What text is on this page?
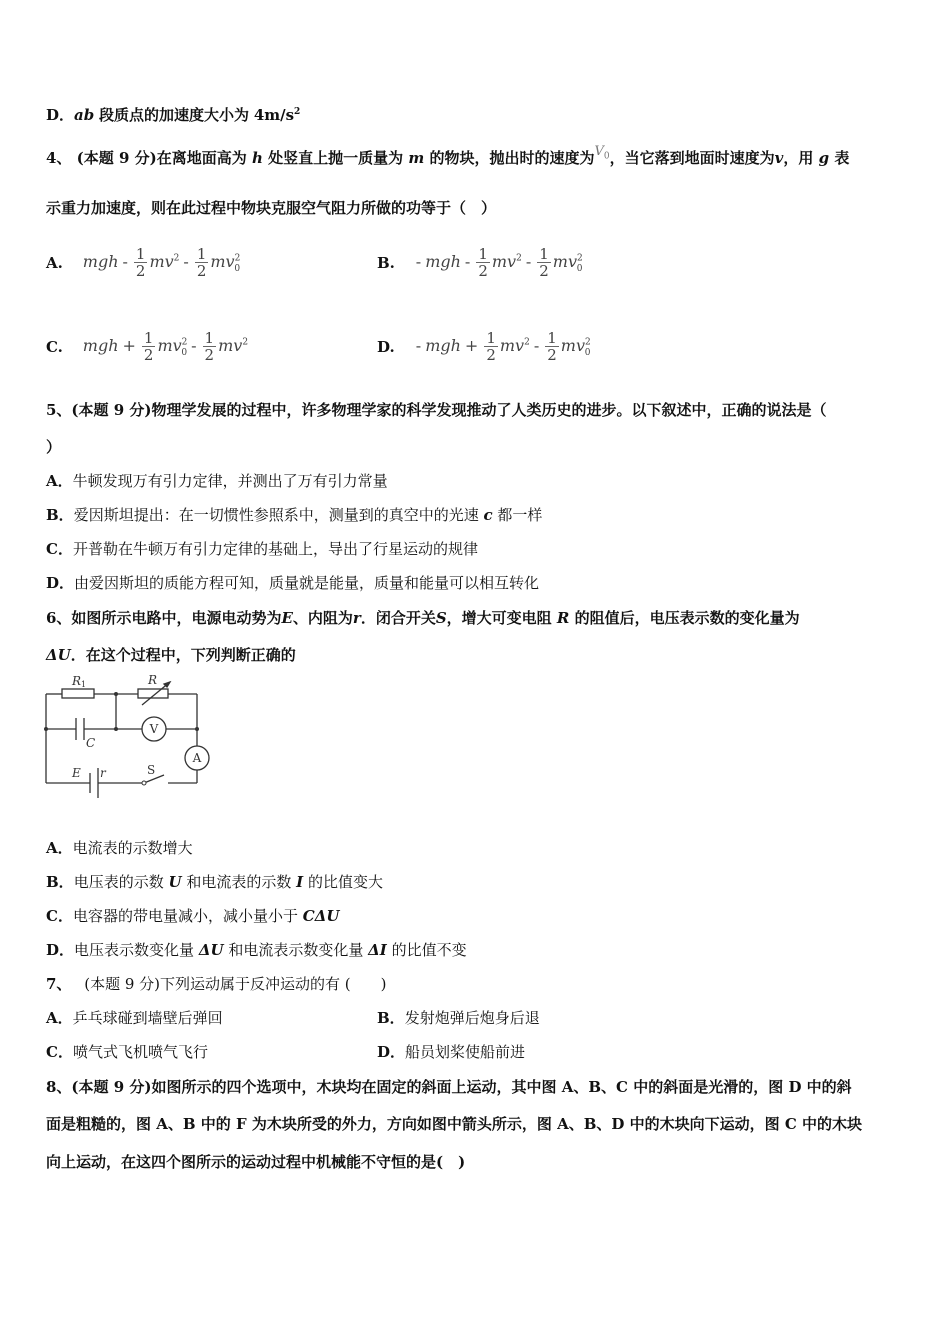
D．ab 段质点的加速度大小为 $4m/s^2$
4、 (本题 9 分)在离地面高为 h 处竖直上抛一质量为 m 的物块，抛出时的速度为$V_0$，当它落到地面时速度为v，用 g 表
示重力加速度，则在此过程中物块克服空气阻力所做的功等于（　）
A. mgh - $\frac{1}{2} mv^2 - \frac{1}{2} mv^2_0$	B. - mgh - $\frac{1}{2} mv^2 - \frac{1}{2} mv^2_0$
C. mgh + $\frac{1}{2} mv^2_0 - \frac{1}{2} mv^2$	D. - mgh + $\frac{1}{2} mv^2 - \frac{1}{2} mv^2_0$
5、(本题 9 分)物理学发展的过程中，许多物理学家的科学发现推动了人类历史的进步。以下叙述中，正确的说法是（
）
A．牛顿发现万有引力定律，并测出了万有引力常量
B．爱因斯坦提出：在一切惯性参照系中，测量到的真空中的光速 c 都一样
C．开普勒在牛顿万有引力定律的基础上，导出了行星运动的规律
D．由爱因斯坦的质能方程可知，质量就是能量，质量和能量可以相互转化
6、如图所示电路中，电源电动势为E、内阻为r．闭合开关S，增大可变电阻 R 的阻值后，电压表示数的变化量为
ΔU．在这个过程中，下列判断正确的
R1	R
C
E r	S
V
A
A．电流表的示数增大
B．电压表的示数 U 和电流表的示数 I 的比值变大
C．电容器的带电量减小，减小量小于 CΔU
D．电压表示数变化量 ΔU 和电流表示数变化量 ΔI 的比值不变
7、 (本题 9 分)下列运动属于反冲运动的有 (　　)
A．乒乓球碰到墙壁后弹回	B．发射炮弹后炮身后退
C．喷气式飞机喷气飞行	D．船员划桨使船前进
8、(本题 9 分)如图所示的四个选项中，木块均在固定的斜面上运动，其中图 A、B、C 中的斜面是光滑的，图 D 中的斜
面是粗糙的，图 A、B 中的 F 为木块所受的外力，方向如图中箭头所示，图 A、B、D 中的木块向下运动，图 C 中的木块
向上运动，在这四个图所示的运动过程中机械能不守恒的是(　)
